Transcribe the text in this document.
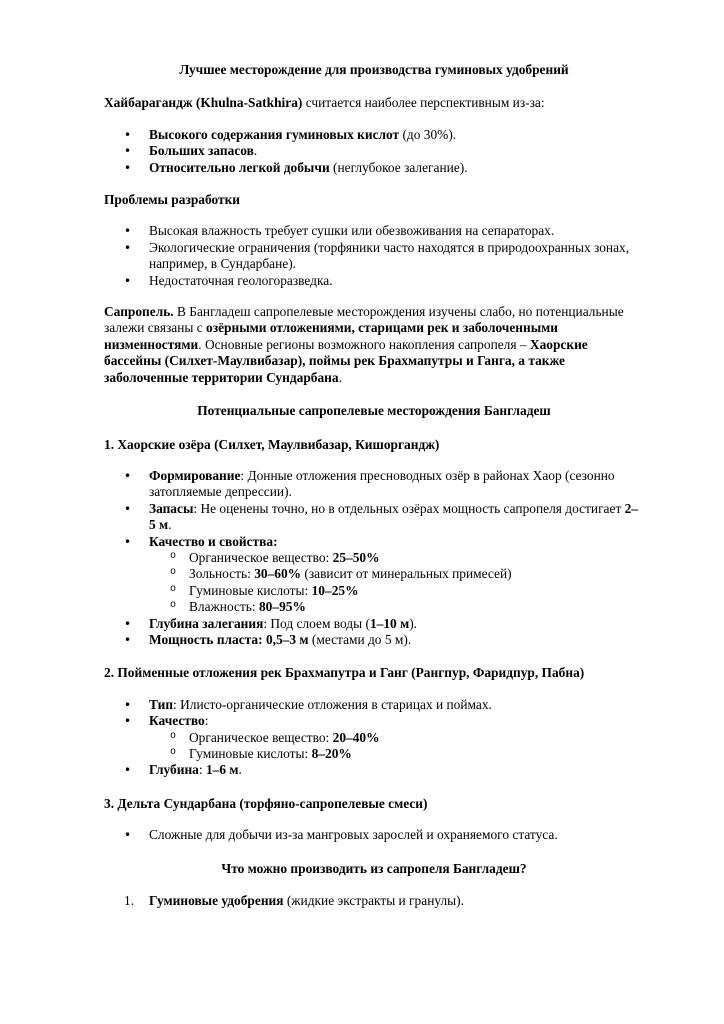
Лучшее месторождение для производства гуминовых удобрений

Хайбарагандж (Khulna-Satkhira) считается наиболее перспективным из-за:

• Высокого содержания гуминовых кислот (до 30%).
• Больших запасов.
• Относительно легкой добычи (неглубокое залегание).

Проблемы разработки

• Высокая влажность требует сушки или обезвоживания на сепараторах.
• Экологические ограничения (торфяники часто находятся в природоохранных зонах, например, в Сундарбане).
• Недостаточная геологоразведка.

Сапропель. В Бангладеш сапропелевые месторождения изучены слабо, но потенциальные залежи связаны с озёрными отложениями, старицами рек и заболоченными низменностями. Основные регионы возможного накопления сапропеля – Хаорские бассейны (Силхет-Маулвибазар), поймы рек Брахмапутры и Ганга, а также заболоченные территории Сундарбана.

Потенциальные сапропелевые месторождения Бангладеш

1. Хаорские озёра (Силхет, Маулвибазар, Кишоргандж)

• Формирование: Донные отложения пресноводных озёр в районах Хаор (сезонно затопляемые депрессии).
• Запасы: Не оценены точно, но в отдельных озёрах мощность сапропеля достигает 2–5 м.
• Качество и свойства:
o Органическое вещество: 25–50%
o Зольность: 30–60% (зависит от минеральных примесей)
o Гуминовые кислоты: 10–25%
o Влажность: 80–95%
• Глубина залегания: Под слоем воды (1–10 м).
• Мощность пласта: 0,5–3 м (местами до 5 м).

2. Пойменные отложения рек Брахмапутра и Ганг (Рангпур, Фаридпур, Пабна)

• Тип: Илисто-органические отложения в старицах и поймах.
• Качество:
o Органическое вещество: 20–40%
o Гуминовые кислоты: 8–20%
• Глубина: 1–6 м.

3. Дельта Сундарбана (торфяно-сапропелевые смеси)

• Сложные для добычи из-за мангровых зарослей и охраняемого статуса.

Что можно производить из сапропеля Бангладеш?

1. Гуминовые удобрения (жидкие экстракты и гранулы).
